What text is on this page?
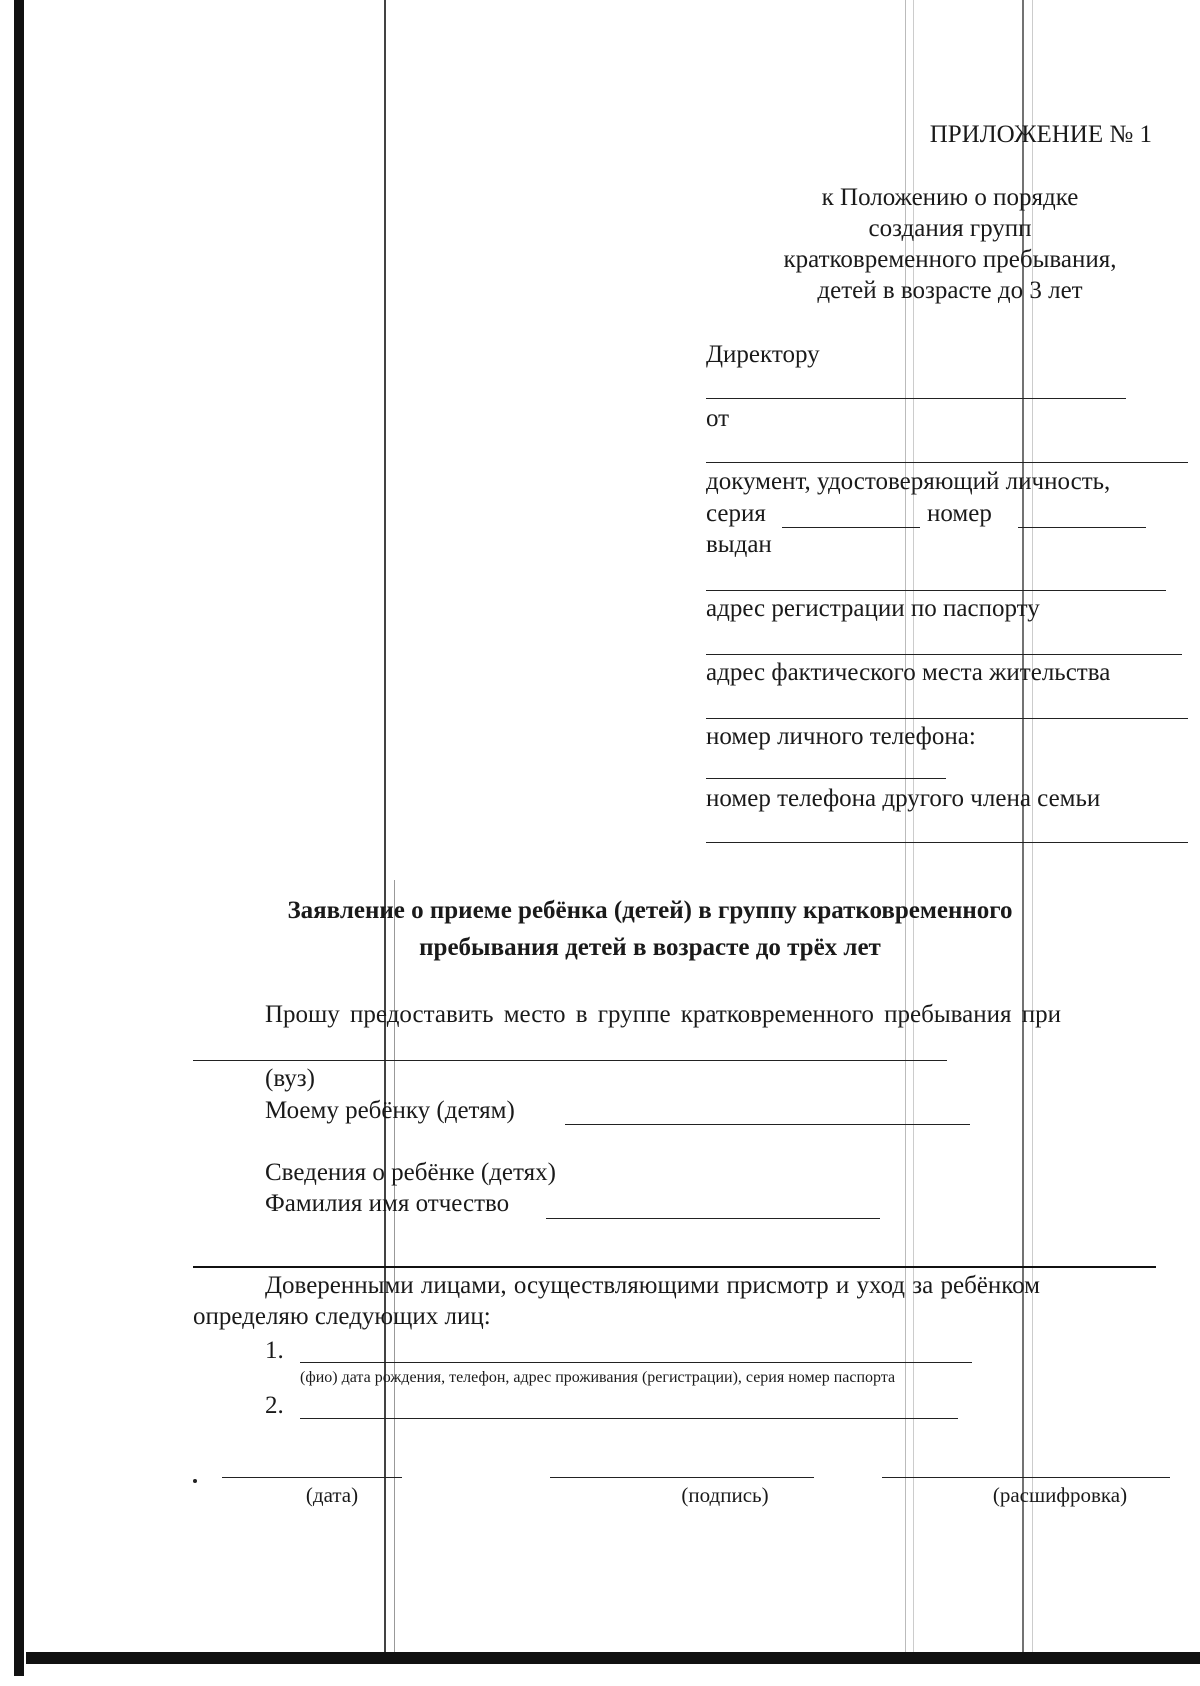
ПРИЛОЖЕНИЕ № 1
к Положению о порядке
создания групп
кратковременного пребывания,
детей в возрасте до 3 лет
Директору
от
документ, удостоверяющий личность,
серия	номер
выдан
адрес регистрации по паспорту
адрес фактического места жительства
номер личного телефона:
номер телефона другого члена семьи
Заявление о приеме ребёнка (детей) в группу кратковременного
пребывания детей в возрасте до трёх лет
Прошу предоставить место в группе кратковременного пребывания при
(вуз)
Моему ребёнку (детям)
Сведения о ребёнке (детях)
Фамилия имя отчество
Доверенными лицами, осуществляющими присмотр и уход за ребёнком
определяю следующих лиц:
1.
(фио) дата рождения, телефон, адрес проживания (регистрации), серия номер паспорта
2.
(дата)	(подпись)	(расшифровка)
